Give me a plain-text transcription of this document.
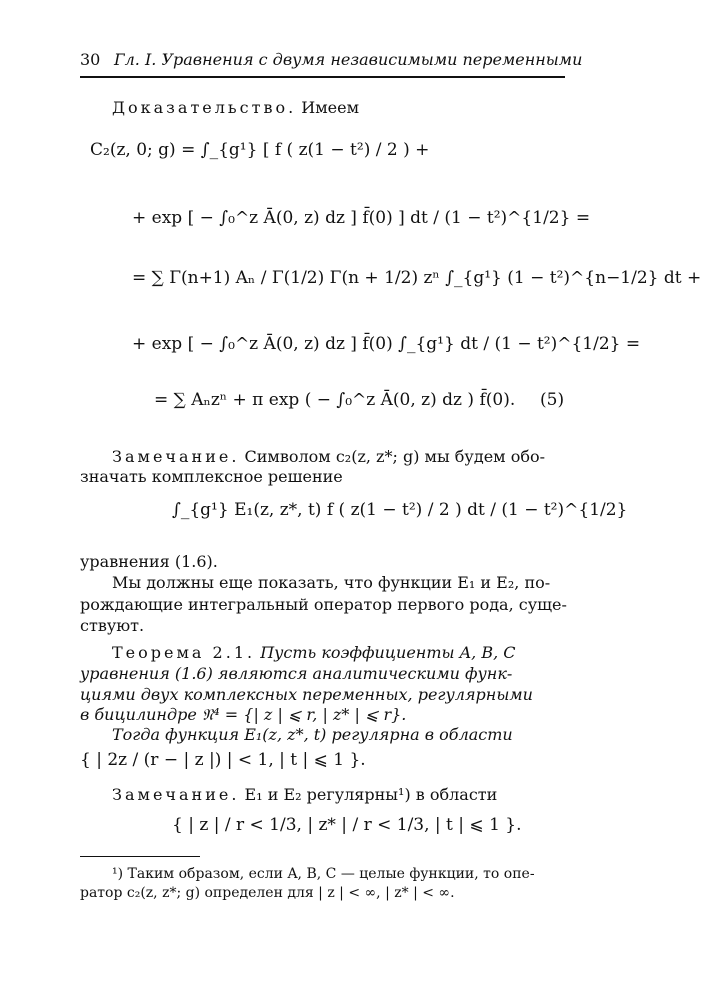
30 Гл. I. Уравнения с двумя независимыми переменными
Доказательство. Имеем
C₂(z, 0; g) = ∫_{g¹} [ f ( z(1 − t²) / 2 ) +
+ exp [ − ∫₀^z Ā(0, z) dz ] f̄(0) ] dt / (1 − t²)^{1/2} =
= ∑ Γ(n+1) Aₙ / Γ(1/2) Γ(n + 1/2) zⁿ ∫_{g¹} (1 − t²)^{n−1/2} dt +
+ exp [ − ∫₀^z Ā(0, z) dz ] f̄(0) ∫_{g¹} dt / (1 − t²)^{1/2} =
= ∑ Aₙzⁿ + π exp ( − ∫₀^z Ā(0, z) dz ) f̄(0). (5)
Замечание. Символом c₂(z, z*; g) мы будем обо-
значать комплексное решение
∫_{g¹} E₁(z, z*, t) f ( z(1 − t²) / 2 ) dt / (1 − t²)^{1/2}
уравнения (1.6).
Мы должны еще показать, что функции E₁ и E₂, по-
рождающие интегральный оператор первого рода, суще-
ствуют.
Теорема 2.1. Пусть коэффициенты A, B, C
уравнения (1.6) являются аналитическими функ-
циями двух комплексных переменных, регулярными
в бицилиндре 𝔑⁴ = {| z | ⩽ r, | z* | ⩽ r}.
Тогда функция E₁(z, z*, t) регулярна в области
{ | 2z / (r − | z |) | < 1, | t | ⩽ 1 }.
Замечание. E₁ и E₂ регулярны¹) в области
{ | z | / r < 1/3, | z* | / r < 1/3, | t | ⩽ 1 }.
¹) Таким образом, если A, B, C — целые функции, то опе-
ратор c₂(z, z*; g) определен для | z | < ∞, | z* | < ∞.
